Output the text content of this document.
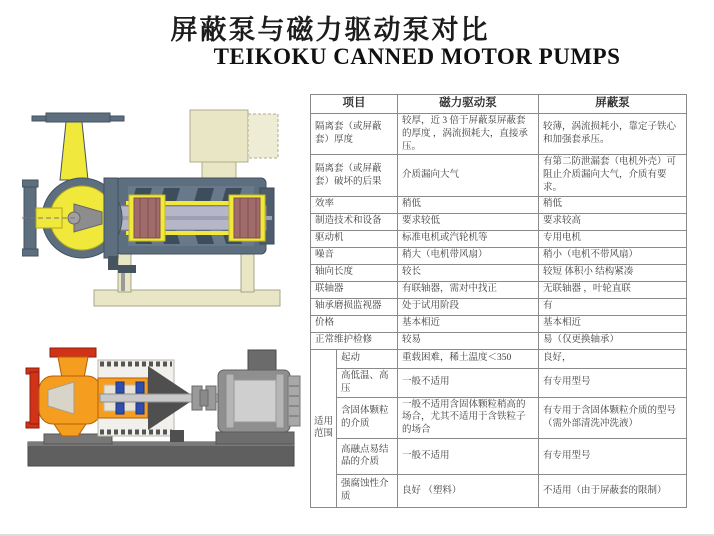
屏蔽泵与磁力驱动泵对比
TEIKOKU CANNED MOTOR PUMPS
项目		磁力驱动泵	屏蔽泵
隔离套（或屏蔽套）厚度		较厚，近 3 倍于屏蔽泵屏蔽套的厚度 ，涡流损耗大，直接承压。	较薄，涡流损耗小，靠定子铁心和加强套承压。
隔离套（或屏蔽套）破坏的后果		介质漏向大气	有第二防泄漏套（电机外壳）可阻止介质漏向大气，介质有要求。
效率		稍低	稍低
制造技术和设备		要求较低	要求较高
驱动机		标准电机或汽轮机等	专用电机
噪音		稍大（电机带风扇）	稍小（电机不带风扇）
轴向长度		较长	较短 体积小 结构紧凑
联轴器		有联轴器，需对中找正	无联轴器 ，叶轮直联
轴承磨损监视器		处于试用阶段	有
价格		基本相近	基本相近
正常维护检修		较易	易（仅更换轴承）
适用范围	起动	重载困难，稀土温度＜350	良好，
	高低温、高压	一般不适用	有专用型号
	含固体颗粒的介质	一般不适用含固体颗粒稍高的场合，尤其不适用于含铁粒子的场合	有专用于含固体颗粒介质的型号（需外部清洗冲洗液）
	高融点易结晶的介质	一般不适用	有专用型号
	强腐蚀性介质	良好 （塑料）	不适用（由于屏蔽套的限制）
